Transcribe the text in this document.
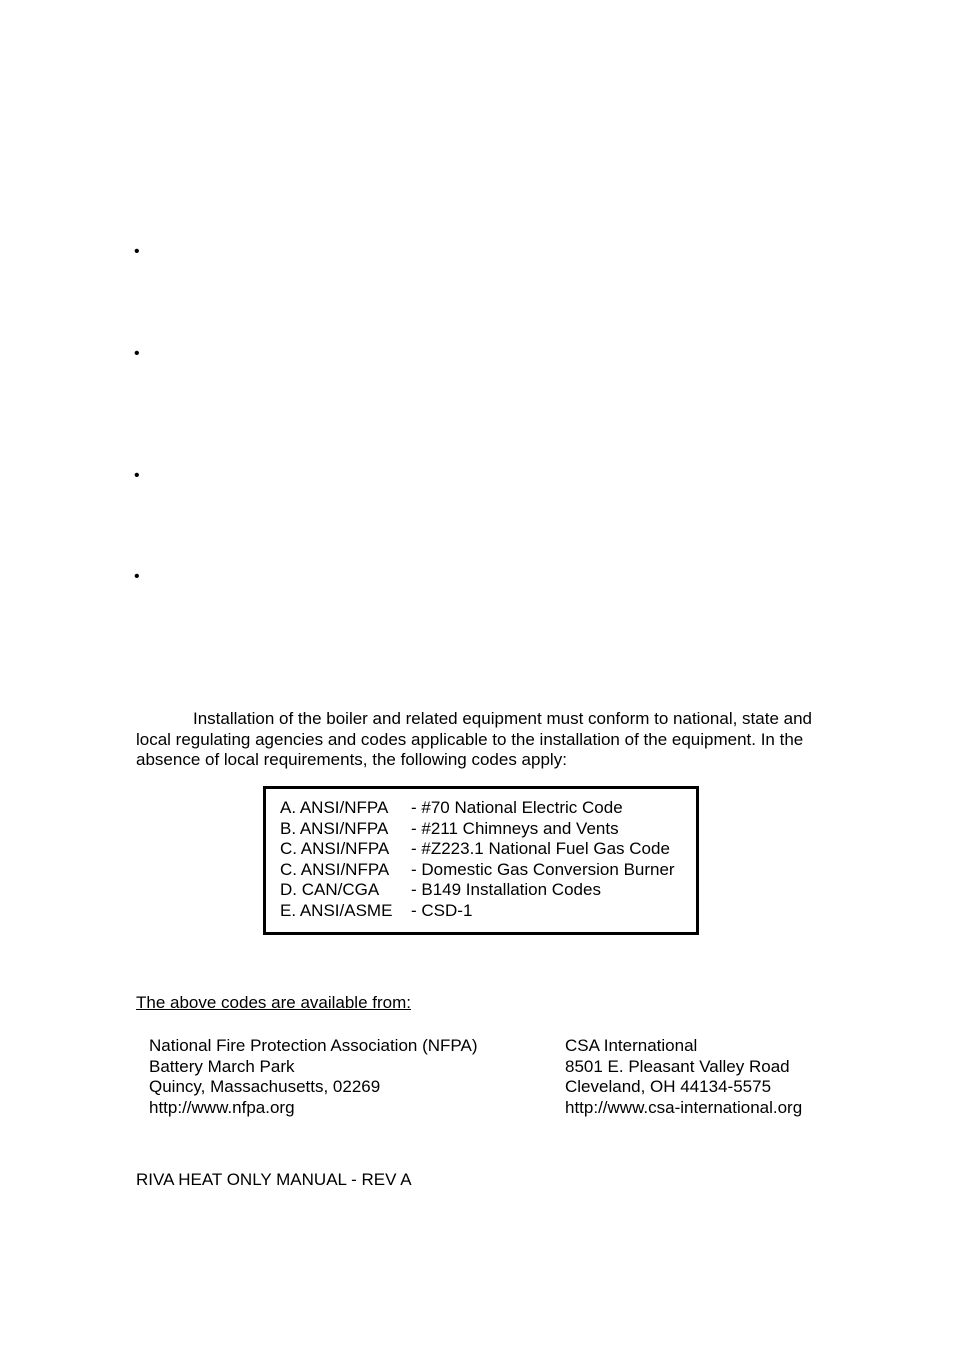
•
•
•
•

Installation of the boiler and related equipment must conform to national, state and local regulating agencies and codes applicable to the installation of the equipment. In the absence of local requirements, the following codes apply:

A. ANSI/NFPA - #70 National Electric Code
B. ANSI/NFPA - #211 Chimneys and Vents
C. ANSI/NFPA - #Z223.1 National Fuel Gas Code
C. ANSI/NFPA - Domestic Gas Conversion Burner
D. CAN/CGA - B149 Installation Codes
E. ANSI/ASME - CSD-1
The above codes are available from:
National Fire Protection Association (NFPA)
Battery March Park
Quincy, Massachusetts, 02269
http://www.nfpa.org
CSA International
8501 E. Pleasant Valley Road
Cleveland, OH 44134-5575
http://www.csa-international.org
RIVA HEAT ONLY MANUAL - REV A
